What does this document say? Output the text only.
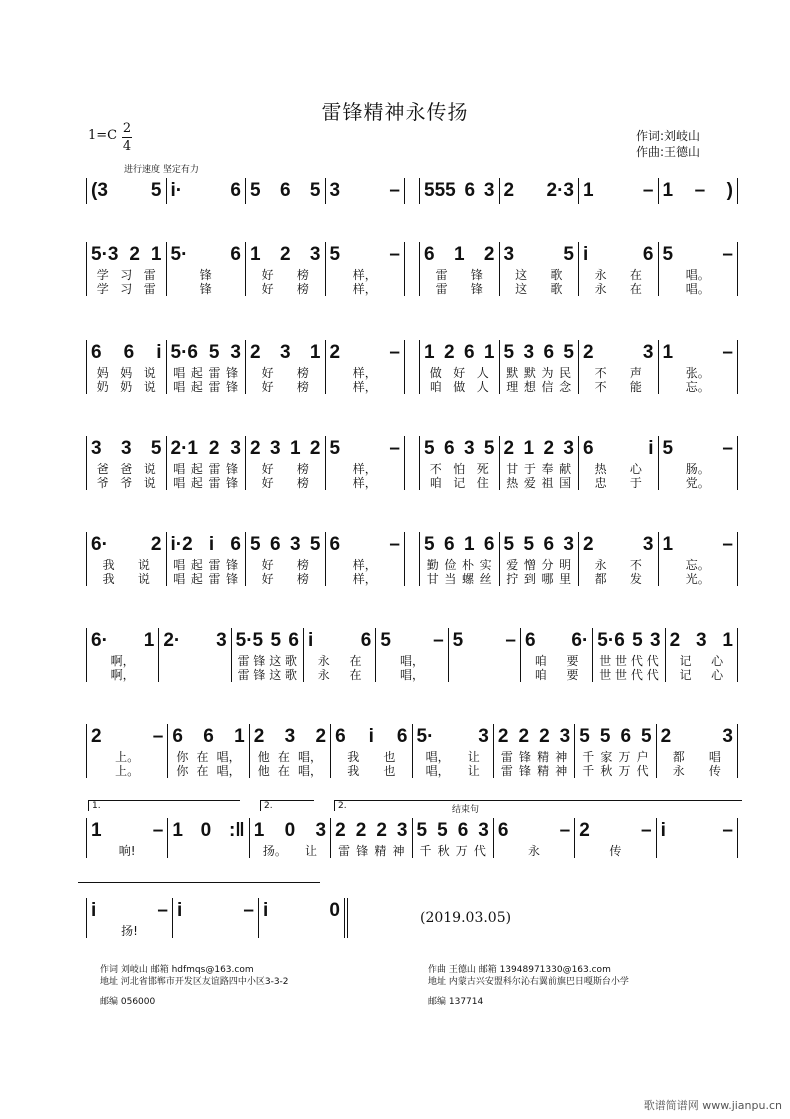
雷锋精神永传扬
1=C 2
4
进行速度 坚定有力
作词:刘岐山
作曲:王德山
(3 5 i·	6 5 6 5 3	– 555 6 3 2 2·3 1	– 1 – )
5·3 2 1
学 习 雷
学 习 雷
5· 6
锋
锋
1 2 3
好 榜
好 榜
5	–
样，
样，
6 1 2
雷 锋
雷 锋
3	5
这 歌
这 歌
i	6
永 在
永 在
5	–
唱。
唱。
6 6 i
妈 妈 说
奶 奶 说
5·6 5 3
唱 起 雷 锋
唱 起 雷 锋
2 3 1
好 榜
好 榜
2	–
样，
样，
1 2 6 1
做 好 人
咱 做 人
5 3 6 5
默 默 为 民
理 想 信 念
2	3
不 声
不 能
1	–
张。
忘。
3 3 5
爸 爸 说
爷 爷 说
2·1 2 3
唱 起 雷 锋
唱 起 雷 锋
2 3 1 2
好 榜
好 榜
5	–
样，
样，
5 6 3 5
不 怕 死
咱 记 住
2 1 2 3
甘 于 奉 献
热 爱 祖 国
6	i
热 心
忠 于
5	–
肠。
党。
6· 2
我 说
我 说
i·2 i 6
唱 起 雷 锋
唱 起 雷 锋
5 6 3 5
好 榜
好 榜
6	–
样，
样，
5 6 1 6
勤 俭 朴 实
甘 当 螺 丝
5 5 6 3
爱 憎 分 明
拧 到 哪 里
2	3
永 不
都 发
1	–
忘。
光。
6· 1
啊，
啊，
2· 3 5·5 5 6
雷 锋 这 歌
雷 锋 这 歌
i 6
永 在
永 在
5 –
唱，
唱，
5 – 6 6·
咱 要
咱 要
5·6 5 3
世 世 代 代
世 世 代 代
2 3 1
记 心
记 心
2	–
上。
上。
6 6 1
你 在 唱，
你 在 唱，
2 3 2
他 在 唱，
他 在 唱，
6 i 6
我 也
我 也
5· 3
唱， 让
唱， 让
2 2 2 3
雷 锋 精 神
雷 锋 精 神
5 5 6 5
千 家 万 户
千 秋 万 代
2	3
都 唱
永 传
1	–
响!
1 0 :‖ 1 0 3
扬。 让
2 2 2 3
雷 锋 精 神
5 5 6 3
千 秋 万 代
6	–
永
2	–
传
i	–
i	–
扬!
i	– i	0
1.	2.	2.	结束句
(2019.03.05)
作词 刘岐山 邮箱 hdfmqs@163.com
地址 河北省邯郸市开发区友谊路四中小区3-3-2
邮编 056000
作曲 王德山 邮箱 13948971330@163.com
地址 内蒙古兴安盟科尔沁右翼前旗巴日嘎斯台小学
邮编 137714
歌谱简谱网 www.jianpu.cn
